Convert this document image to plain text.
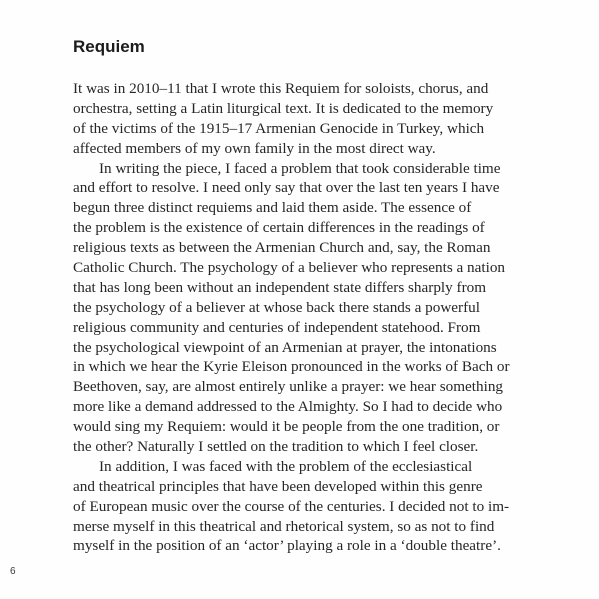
Requiem
It was in 2010–11 that I wrote this Requiem for soloists, chorus, and
orchestra, setting a Latin liturgical text. It is dedicated to the memory
of the victims of the 1915–17 Armenian Genocide in Turkey, which
affected members of my own family in the most direct way.
In writing the piece, I faced a problem that took considerable time
and effort to resolve. I need only say that over the last ten years I have
begun three distinct requiems and laid them aside. The essence of
the problem is the existence of certain differences in the readings of
religious texts as between the Armenian Church and, say, the Roman
Catholic Church. The psychology of a believer who represents a nation
that has long been without an independent state differs sharply from
the psychology of a believer at whose back there stands a powerful
religious community and centuries of independent statehood. From
the psychological viewpoint of an Armenian at prayer, the intonations
in which we hear the Kyrie Eleison pronounced in the works of Bach or
Beethoven, say, are almost entirely unlike a prayer: we hear something
more like a demand addressed to the Almighty. So I had to decide who
would sing my Requiem: would it be people from the one tradition, or
the other? Naturally I settled on the tradition to which I feel closer.
In addition, I was faced with the problem of the ecclesiastical
and theatrical principles that have been developed within this genre
of European music over the course of the centuries. I decided not to im-
merse myself in this theatrical and rhetorical system, so as not to find
myself in the position of an ‘actor’ playing a role in a ‘double theatre’.
6
